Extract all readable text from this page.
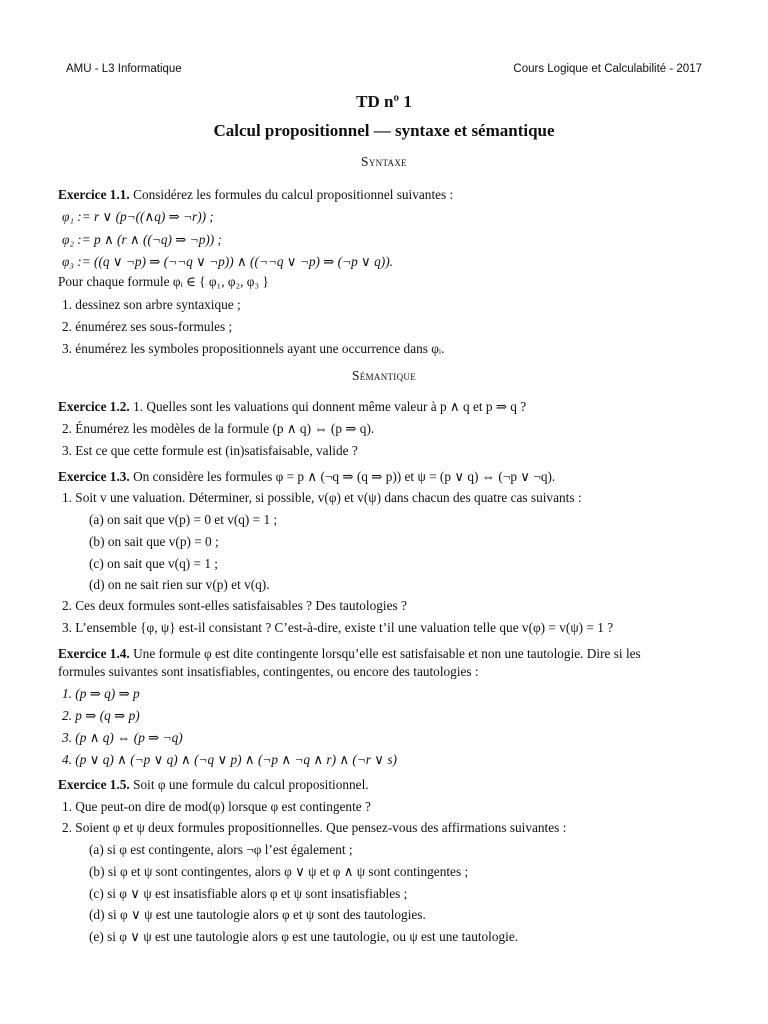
AMU - L3 Informatique	Cours Logique et Calculabilité - 2017
TD nº 1
Calcul propositionnel — syntaxe et sémantique
Syntaxe
Exercice 1.1. Considérez les formules du calcul propositionnel suivantes :
φ₁ := r ∨ (p¬((∧q) ⇒ ¬r)) ;
φ₂ := p ∧ (r ∧ ((¬q) ⇒ ¬p)) ;
φ₃ := ((q ∨ ¬p) ⇒ (¬¬q ∨ ¬p)) ∧ ((¬¬q ∨ ¬p) ⇒ (¬p ∨ q)).
Pour chaque formule φᵢ ∈ { φ₁, φ₂, φ₃ }
1. dessinez son arbre syntaxique ;
2. énumérez ses sous-formules ;
3. énumérez les symboles propositionnels ayant une occurrence dans φᵢ.
Sémantique
Exercice 1.2. 1. Quelles sont les valuations qui donnent même valeur à p ∧ q et p ⇒ q ?
2. Énumérez les modèles de la formule (p ∧ q) ⇔ (p ⇒ q).
3. Est ce que cette formule est (in)satisfaisable, valide ?
Exercice 1.3. On considère les formules φ = p ∧ (¬q ⇒ (q ⇒ p)) et ψ = (p ∨ q) ⇔ (¬p ∨ ¬q).
1. Soit v une valuation. Déterminer, si possible, v(φ) et v(ψ) dans chacun des quatre cas suivants :
(a) on sait que v(p) = 0 et v(q) = 1 ;
(b) on sait que v(p) = 0 ;
(c) on sait que v(q) = 1 ;
(d) on ne sait rien sur v(p) et v(q).
2. Ces deux formules sont-elles satisfaisables ? Des tautologies ?
3. L’ensemble {φ, ψ} est-il consistant ? C’est-à-dire, existe t’il une valuation telle que v(φ) = v(ψ) = 1 ?
Exercice 1.4. Une formule φ est dite contingente lorsqu’elle est satisfaisable et non une tautologie. Dire si les
formules suivantes sont insatisfiables, contingentes, ou encore des tautologies :
1. (p ⇒ q) ⇒ p
2. p ⇒ (q ⇒ p)
3. (p ∧ q) ⇔ (p ⇒ ¬q)
4. (p ∨ q) ∧ (¬p ∨ q) ∧ (¬q ∨ p) ∧ (¬p ∧ ¬q ∧ r) ∧ (¬r ∨ s)
Exercice 1.5. Soit φ une formule du calcul propositionnel.
1. Que peut-on dire de mod(φ) lorsque φ est contingente ?
2. Soient φ et ψ deux formules propositionnelles. Que pensez-vous des affirmations suivantes :
(a) si φ est contingente, alors ¬φ l’est également ;
(b) si φ et ψ sont contingentes, alors φ ∨ ψ et φ ∧ ψ sont contingentes ;
(c) si φ ∨ ψ est insatisfiable alors φ et ψ sont insatisfiables ;
(d) si φ ∨ ψ est une tautologie alors φ et ψ sont des tautologies.
(e) si φ ∨ ψ est une tautologie alors φ est une tautologie, ou ψ est une tautologie.
